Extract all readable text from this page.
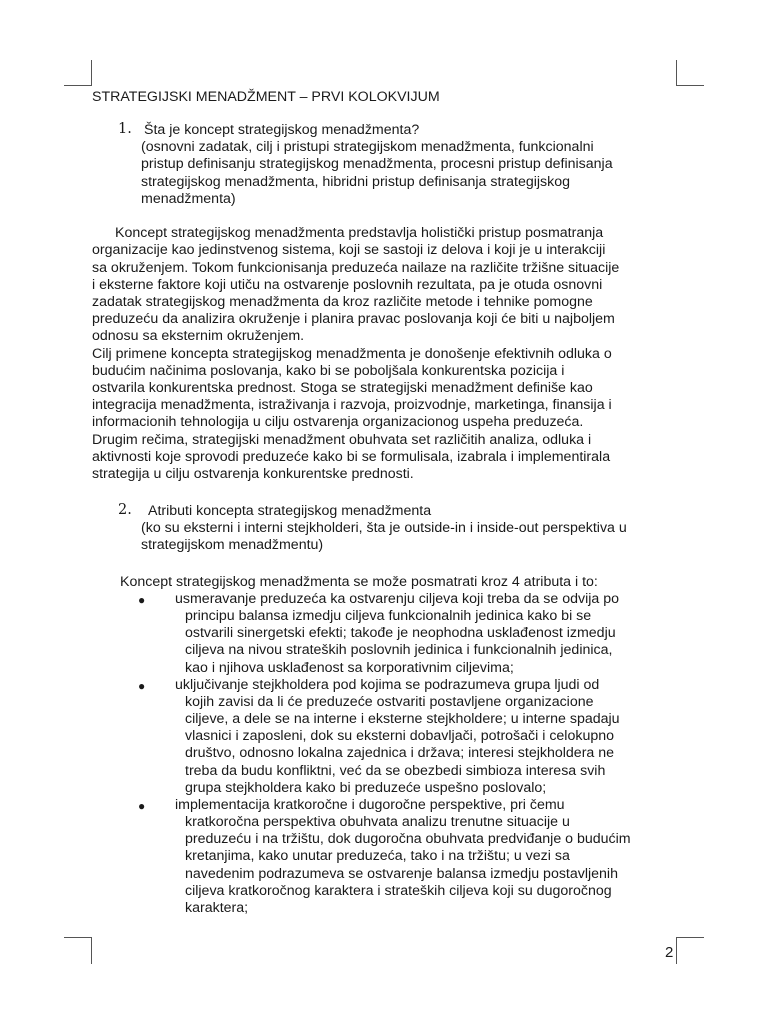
STRATEGIJSKI MENADŽMENT – PRVI KOLOKVIJUM
1. Šta je koncept strategijskog menadžmenta?
(osnovni zadatak, cilj i pristupi strategijskom menadžmenta, funkcionalni
pristup definisanju strategijskog menadžmenta, procesni pristup definisanja
strategijskog menadžmenta, hibridni pristup definisanja strategijskog
menadžmenta)
Koncept strategijskog menadžmenta predstavlja holistički pristup posmatranja
organizacije kao jedinstvenog sistema, koji se sastoji iz delova i koji je u interakciji
sa okruženjem. Tokom funkcionisanja preduzeća nailaze na različite tržišne situacije
i eksterne faktore koji utiču na ostvarenje poslovnih rezultata, pa je otuda osnovni
zadatak strategijskog menadžmenta da kroz različite metode i tehnike pomogne
preduzeću da analizira okruženje i planira pravac poslovanja koji će biti u najboljem
odnosu sa eksternim okruženjem.
Cilj primene koncepta strategijskog menadžmenta je donošenje efektivnih odluka o
budućim načinima poslovanja, kako bi se poboljšala konkurentska pozicija i
ostvarila konkurentska prednost. Stoga se strategijski menadžment definiše kao
integracija menadžmenta, istraživanja i razvoja, proizvodnje, marketinga, finansija i
informacionih tehnologija u cilju ostvarenja organizacionog uspeha preduzeća.
Drugim rečima, strategijski menadžment obuhvata set različitih analiza, odluka i
aktivnosti koje sprovodi preduzeće kako bi se formulisala, izabrala i implementirala
strategija u cilju ostvarenja konkurentske prednosti.
2. Atributi koncepta strategijskog menadžmenta
(ko su eksterni i interni stejkholderi, šta je outside-in i inside-out perspektiva u
strategijskom menadžmentu)
Koncept strategijskog menadžmenta se može posmatrati kroz 4 atributa i to:
● usmeravanje preduzeća ka ostvarenju ciljeva koji treba da se odvija po
principu balansa izmedju ciljeva funkcionalnih jedinica kako bi se
ostvarili sinergetski efekti; takođe je neophodna usklađenost izmedju
ciljeva na nivou strateških poslovnih jedinica i funkcionalnih jedinica,
kao i njihova usklađenost sa korporativnim ciljevima;
● uključivanje stejkholdera pod kojima se podrazumeva grupa ljudi od
kojih zavisi da li će preduzeće ostvariti postavljene organizacione
ciljeve, a dele se na interne i eksterne stejkholdere; u interne spadaju
vlasnici i zaposleni, dok su eksterni dobavljači, potrošači i celokupno
društvo, odnosno lokalna zajednica i država; interesi stejkholdera ne
treba da budu konfliktni, već da se obezbedi simbioza interesa svih
grupa stejkholdera kako bi preduzeće uspešno poslovalo;
● implementacija kratkoročne i dugoročne perspektive, pri čemu
kratkoročna perspektiva obuhvata analizu trenutne situacije u
preduzeću i na tržištu, dok dugoročna obuhvata predviđanje o budućim
kretanjima, kako unutar preduzeća, tako i na tržištu; u vezi sa
navedenim podrazumeva se ostvarenje balansa izmedju postavljenih
ciljeva kratkoročnog karaktera i strateških ciljeva koji su dugoročnog
karaktera;
2
